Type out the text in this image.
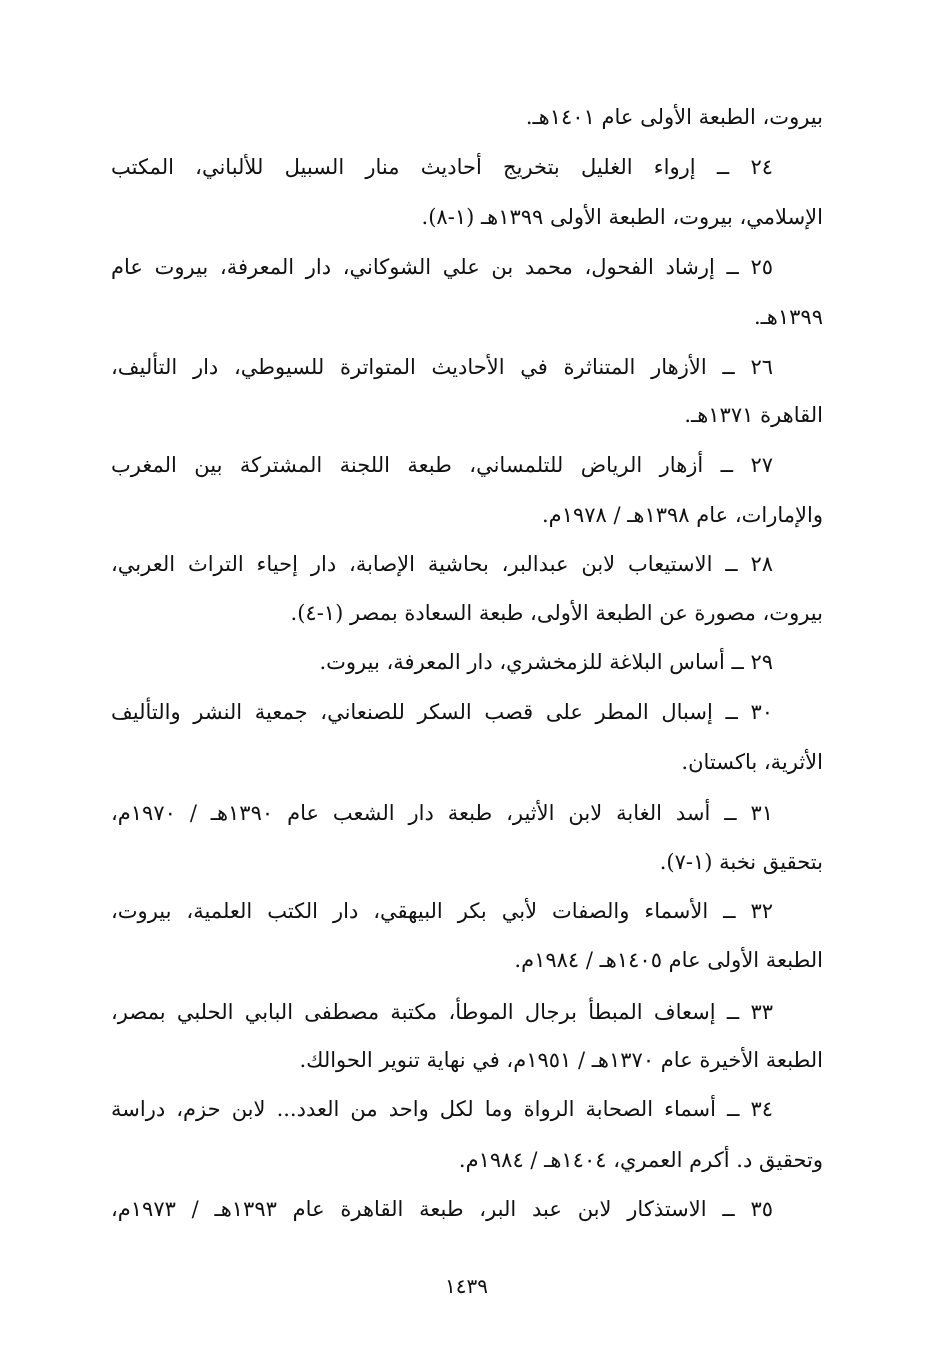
بيروت، الطبعة الأولى عام ١٤٠١هـ.
٢٤ ــ إرواء الغليل بتخريج أحاديث منار السبيل للألباني، المكتب
الإسلامي، بيروت، الطبعة الأولى ١٣٩٩هـ (١-٨).
٢٥ ــ إرشاد الفحول، محمد بن علي الشوكاني، دار المعرفة، بيروت عام
١٣٩٩هـ.
٢٦ ــ الأزهار المتناثرة في الأحاديث المتواترة للسيوطي، دار التأليف،
القاهرة ١٣٧١هـ.
٢٧ ــ أزهار الرياض للتلمساني، طبعة اللجنة المشتركة بين المغرب
والإمارات، عام ١٣٩٨هـ / ١٩٧٨م.
٢٨ ــ الاستيعاب لابن عبدالبر، بحاشية الإصابة، دار إحياء التراث العربي،
بيروت، مصورة عن الطبعة الأولى، طبعة السعادة بمصر (١-٤).
٢٩ ــ أساس البلاغة للزمخشري، دار المعرفة، بيروت.
٣٠ ــ إسبال المطر على قصب السكر للصنعاني، جمعية النشر والتأليف
الأثرية، باكستان.
٣١ ــ أسد الغابة لابن الأثير، طبعة دار الشعب عام ١٣٩٠هـ / ١٩٧٠م،
بتحقيق نخبة (١-٧).
٣٢ ــ الأسماء والصفات لأبي بكر البيهقي، دار الكتب العلمية، بيروت،
الطبعة الأولى عام ١٤٠٥هـ / ١٩٨٤م.
٣٣ ــ إسعاف المبطأ برجال الموطأ، مكتبة مصطفى البابي الحلبي بمصر،
الطبعة الأخيرة عام ١٣٧٠هـ / ١٩٥١م، في نهاية تنوير الحوالك.
٣٤ ــ أسماء الصحابة الرواة وما لكل واحد من العدد... لابن حزم، دراسة
وتحقيق د. أكرم العمري، ١٤٠٤هـ / ١٩٨٤م.
٣٥ ــ الاستذكار لابن عبد البر، طبعة القاهرة عام ١٣٩٣هـ / ١٩٧٣م،
١٤٣٩
